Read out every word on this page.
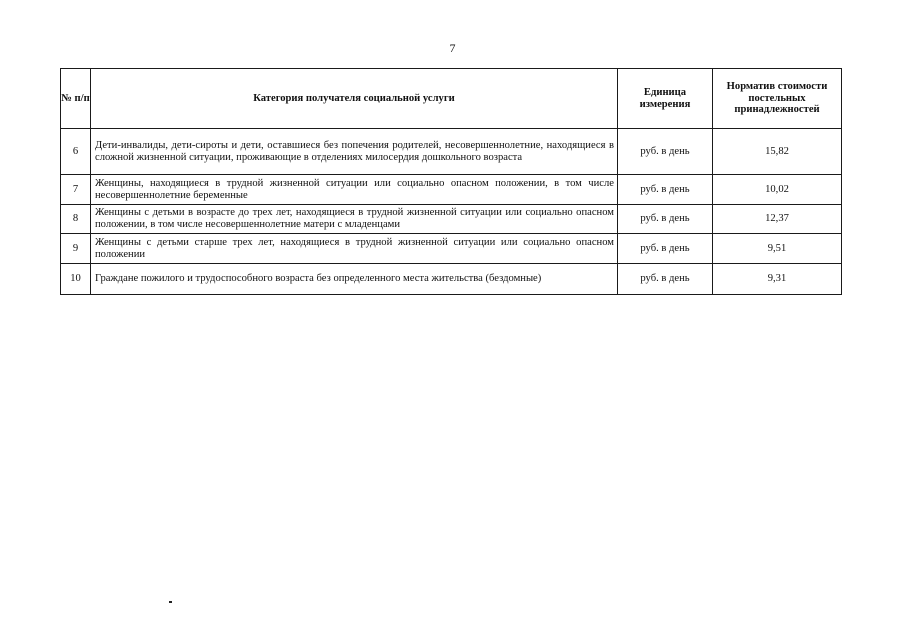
7
№ п/п	Категория получателя социальной услуги	Единица измерения	Норматив стоимости постельных принадлежностей
6	Дети-инвалиды, дети-сироты и дети, оставшиеся без попечения родителей, несовершеннолетние, находящиеся в сложной жизненной ситуации, проживающие в отделениях милосердия дошкольного возраста	руб. в день	15,82
7	Женщины, находящиеся в трудной жизненной ситуации или социально опасном положении, в том числе несовершеннолетние беременные	руб. в день	10,02
8	Женщины с детьми в возрасте до трех лет, находящиеся в трудной жизненной ситуации или социально опасном положении, в том числе несовершеннолетние матери с младенцами	руб. в день	12,37
9	Женщины с детьми старше трех лет, находящиеся в трудной жизненной ситуации или социально опасном положении	руб. в день	9,51
10	Граждане пожилого и трудоспособного возраста без определенного места жительства (бездомные)	руб. в день	9,31
